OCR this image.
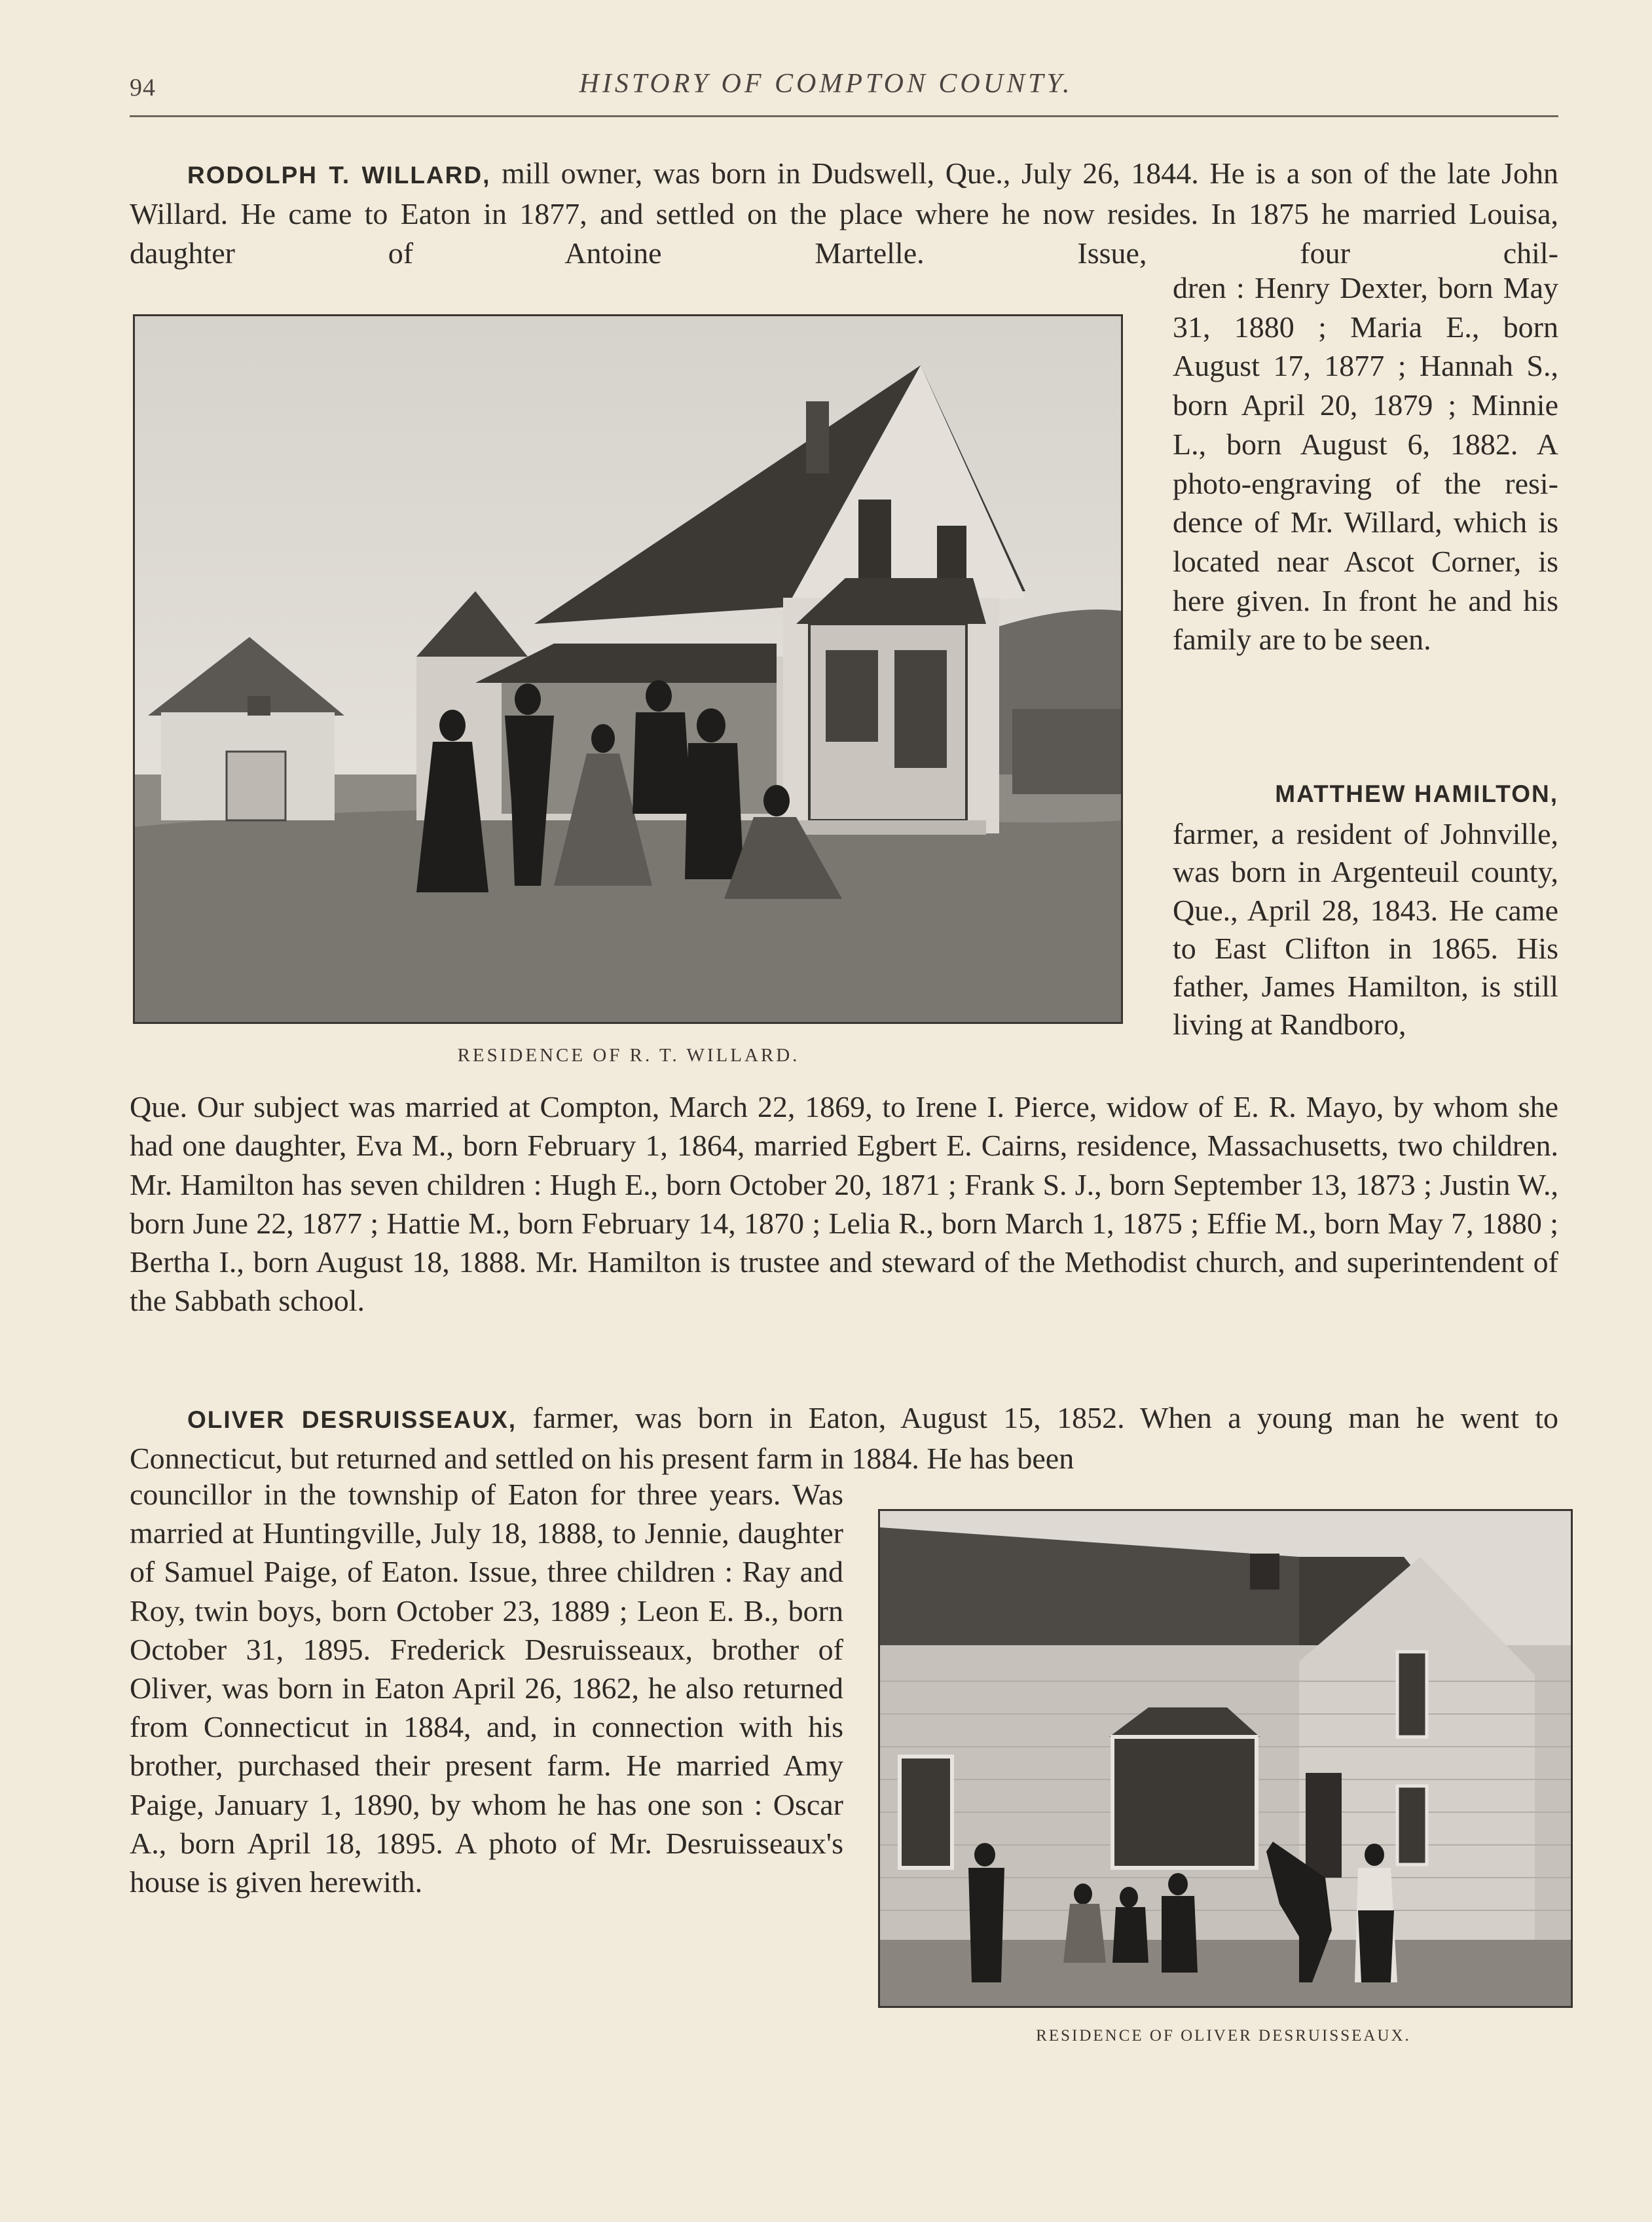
94	HISTORY OF COMPTON COUNTY.

RODOLPH T. WILLARD, mill owner, was born in Dudswell, Que., July 26, 1844. He is a son of the late John Willard. He came to Eaton in 1877, and settled on the place where he now resides. In 1875 he married Louisa, daughter of Antoine Martelle. Issue, four chil-

RESIDENCE OF R. T. WILLARD.
dren : Henry Dexter, born May 31, 1880 ; Maria E., born August 17, 1877 ; Hannah S., born April 20, 1879 ; Minnie L., born August 6, 1882. A photo-engraving of the resi-dence of Mr. Willard, which is located near Ascot Corner, is here given. In front he and his family are to be seen.
MATTHEW HAMILTON,
farmer, a resident of Johnville, was born in Argenteuil county, Que., April 28, 1843. He came to East Clifton in 1865. His father, James Hamilton, is still living at Randboro,
Que. Our subject was married at Compton, March 22, 1869, to Irene I. Pierce, widow of E. R. Mayo, by whom she had one daughter, Eva M., born February 1, 1864, married Egbert E. Cairns, residence, Massachusetts, two children. Mr. Hamilton has seven children : Hugh E., born October 20, 1871 ; Frank S. J., born September 13, 1873 ; Justin W., born June 22, 1877 ; Hattie M., born February 14, 1870 ; Lelia R., born March 1, 1875 ; Effie M., born May 7, 1880 ; Bertha I., born August 18, 1888. Mr. Hamilton is trustee and steward of the Methodist church, and superintendent of the Sabbath school.

OLIVER DESRUISSEAUX, farmer, was born in Eaton, August 15, 1852. When a young man he went to Connecticut, but returned and settled on his present farm in 1884. He has been

councillor in the township of Eaton for three years. Was married at Huntingville, July 18, 1888, to Jennie, daughter of Samuel Paige, of Eaton. Issue, three children : Ray and Roy, twin boys, born October 23, 1889 ; Leon E. B., born October 31, 1895. Frederick Desruisseaux, brother of Oliver, was born in Eaton April 26, 1862, he also returned from Connecticut in 1884, and, in connection with his brother, purchased their present farm. He married Amy Paige, January 1, 1890, by whom he has one son : Oscar A., born April 18, 1895. A photo of Mr. Desruisseaux's house is given herewith.
RESIDENCE OF OLIVER DESRUISSEAUX.
